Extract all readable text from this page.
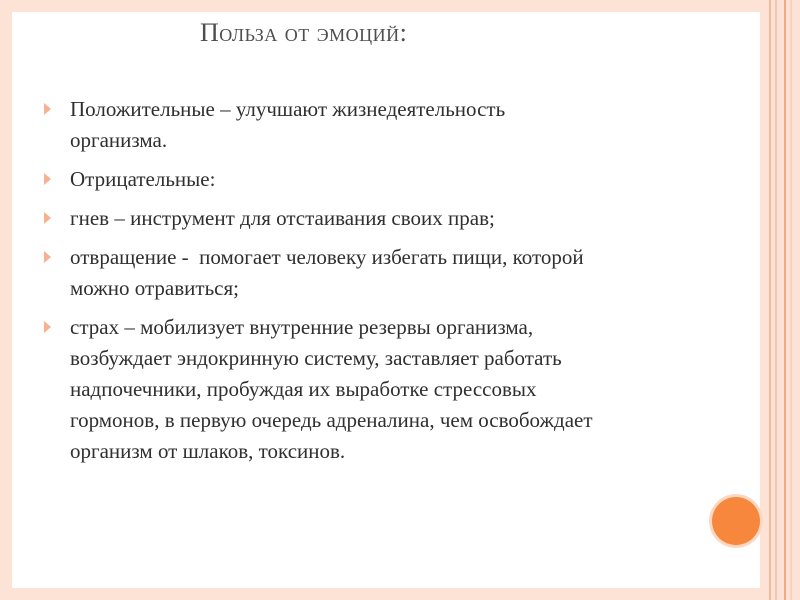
Польза от эмоций:
Положительные – улучшают жизнедеятельность
организма.
Отрицательные:
гнев – инструмент для отстаивания своих прав;
отвращение -  помогает человеку избегать пищи, которой
можно отравиться;
страх – мобилизует внутренние резервы организма,
возбуждает эндокринную систему, заставляет работать
надпочечники, пробуждая их выработке стрессовых
гормонов, в первую очередь адреналина, чем освобождает
организм от шлаков, токсинов.
